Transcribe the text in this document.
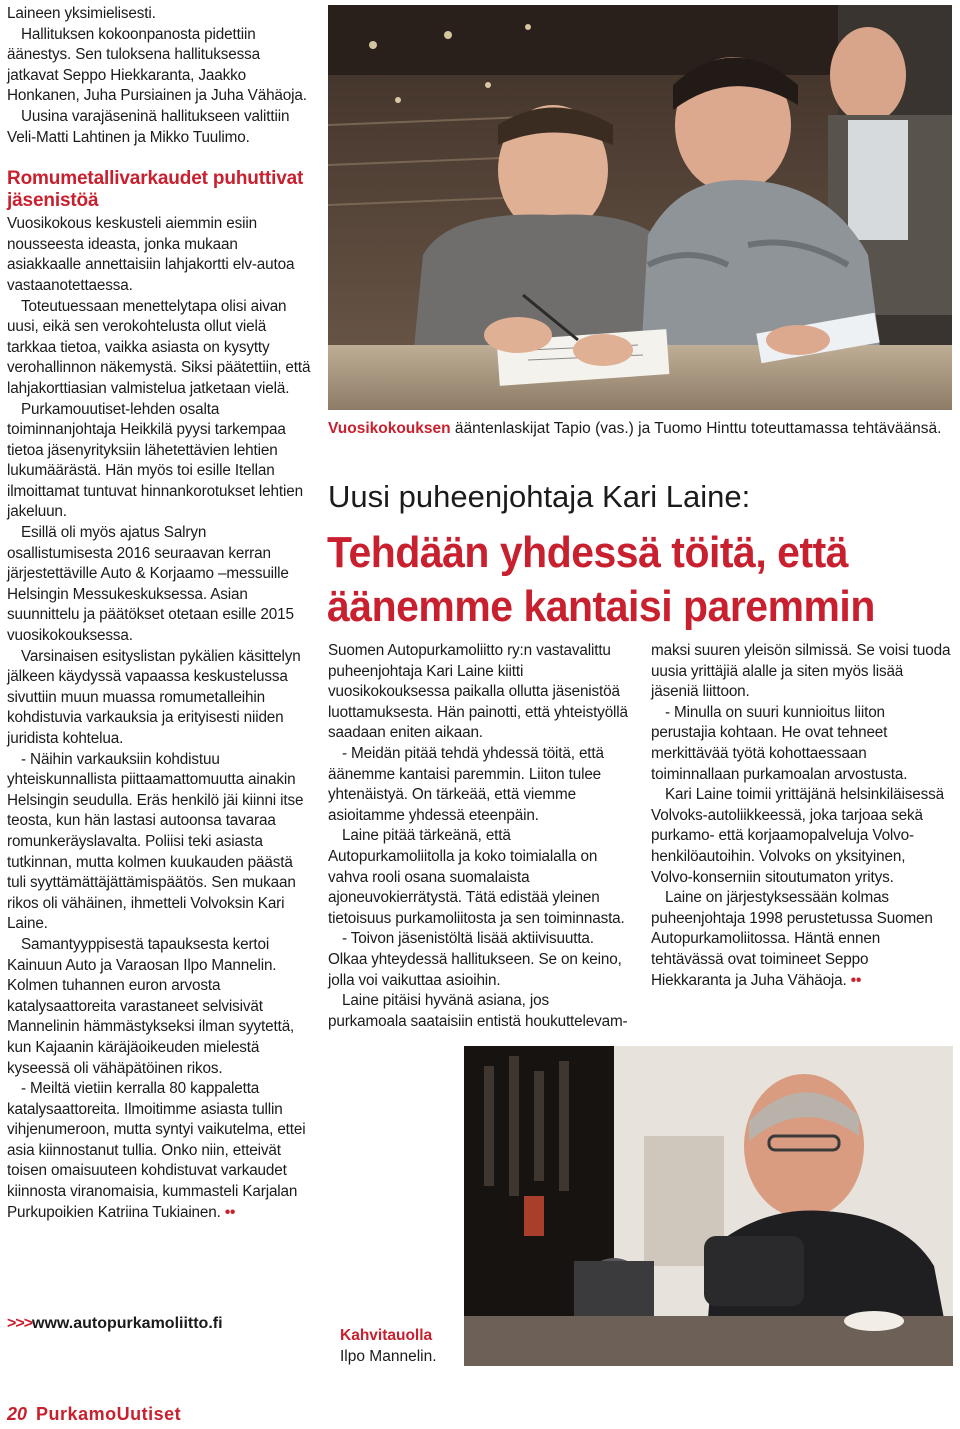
Laineen yksimielisesti.

Hallituksen kokoonpanosta pidettiin äänestys. Sen tuloksena hallituksessa jatkavat Seppo Hiekkaranta, Jaakko Honkanen, Juha Pursiainen ja Juha Vähäoja.

Uusina varajäseninä hallitukseen valittiin Veli-Matti Lahtinen ja Mikko Tuulimo.

Romumetallivarkaudet puhuttivat jäsenistöä

Vuosikokous keskusteli aiemmin esiin nousseesta ideasta, jonka mukaan asiakkaalle annettaisiin lahjakortti elv-autoa vastaanotettaessa.

Toteutuessaan menettelytapa olisi aivan uusi, eikä sen verokohtelusta ollut vielä tarkkaa tietoa, vaikka asiasta on kysytty verohallinnon näkemystä. Siksi päätettiin, että lahjakorttiasian valmistelua jatketaan vielä.

Purkamouutiset-lehden osalta toiminnanjohtaja Heikkilä pyysi tarkempaa tietoa jäsenyrityksiin lähetettävien lehtien lukumäärästä. Hän myös toi esille Itellan ilmoittamat tuntuvat hinnankorotukset lehtien jakeluun.

Esillä oli myös ajatus Salryn osallistumisesta 2016 seuraavan kerran järjestettäville Auto & Korjaamo –messuille Helsingin Messukeskuksessa. Asian suunnittelu ja päätökset otetaan esille 2015 vuosikokouksessa.

Varsinaisen esityslistan pykälien käsittelyn jälkeen käydyssä vapaassa keskustelussa sivuttiin muun muassa romumetalleihin kohdistuvia varkauksia ja erityisesti niiden juridista kohtelua.

- Näihin varkauksiin kohdistuu yhteiskunnallista piittaamattomuutta ainakin Helsingin seudulla. Eräs henkilö jäi kiinni itse teosta, kun hän lastasi autoonsa tavaraa romunkeräyslavalta. Poliisi teki asiasta tutkinnan, mutta kolmen kuukauden päästä tuli syyttämättäjättämispäätös. Sen mukaan rikos oli vähäinen, ihmetteli Volvoksin Kari Laine.

Samantyyppisestä tapauksesta kertoi Kainuun Auto ja Varaosan Ilpo Mannelin. Kolmen tuhannen euron arvosta katalysaattoreita varastaneet selvisivät Mannelinin hämmästykseksi ilman syytettä, kun Kajaanin käräjäoikeuden mielestä kyseessä oli vähäpätöinen rikos.

- Meiltä vietiin kerralla 80 kappaletta katalysaattoreita. Ilmoitimme asiasta tullin vihjenumeroon, mutta syntyi vaikutelma, ettei asia kiinnostanut tullia. Onko niin, etteivät toisen omaisuuteen kohdistuvat varkaudet kiinnosta viranomaisia, kummasteli Karjalan Purkupoikien Katriina Tukiainen. ••

>>>www.autopurkamoliitto.fi
Vuosikokouksen ääntenlaskijat Tapio (vas.) ja Tuomo Hinttu toteuttamassa tehtäväänsä.
Uusi puheenjohtaja Kari Laine:
Tehdään yhdessä töitä, että äänemme kantaisi paremmin

Suomen Autopurkamoliitto ry:n vastavalittu puheenjohtaja Kari Laine kiitti vuosikokouksessa paikalla ollutta jäsenistöä luottamuksesta. Hän painotti, että yhteistyöllä saadaan eniten aikaan.

- Meidän pitää tehdä yhdessä töitä, että äänemme kantaisi paremmin. Liiton tulee yhtenäistyä. On tärkeää, että viemme asioitamme yhdessä eteenpäin.

Laine pitää tärkeänä, että Autopurkamoliitolla ja koko toimialalla on vahva rooli osana suomalaista ajoneuvokierrätystä. Tätä edistää yleinen tietoisuus purkamoliitosta ja sen toiminnasta.

- Toivon jäsenistöltä lisää aktiivisuutta. Olkaa yhteydessä hallitukseen. Se on keino, jolla voi vaikuttaa asioihin.

Laine pitäisi hyvänä asiana, jos purkamoala saataisiin entistä houkuttelevam-

maksi suuren yleisön silmissä. Se voisi tuoda uusia yrittäjiä alalle ja siten myös lisää jäseniä liittoon.

- Minulla on suuri kunnioitus liiton perustajia kohtaan. He ovat tehneet merkittävää työtä kohottaessaan toiminnallaan purkamoalan arvostusta.

Kari Laine toimii yrittäjänä helsinkiläisessä Volvoks-autoliikkeessä, joka tarjoaa sekä purkamo- että korjaamopalveluja Volvo-henkilöautoihin. Volvoks on yksityinen, Volvo-konserniin sitoutumaton yritys.

Laine on järjestyksessään kolmas puheenjohtaja 1998 perustetussa Suomen Autopurkamoliitossa. Häntä ennen tehtävässä ovat toimineet Seppo Hiekkaranta ja Juha Vähäoja. ••

Kahvitauolla Ilpo Mannelin.
20 PurkamoUutiset
